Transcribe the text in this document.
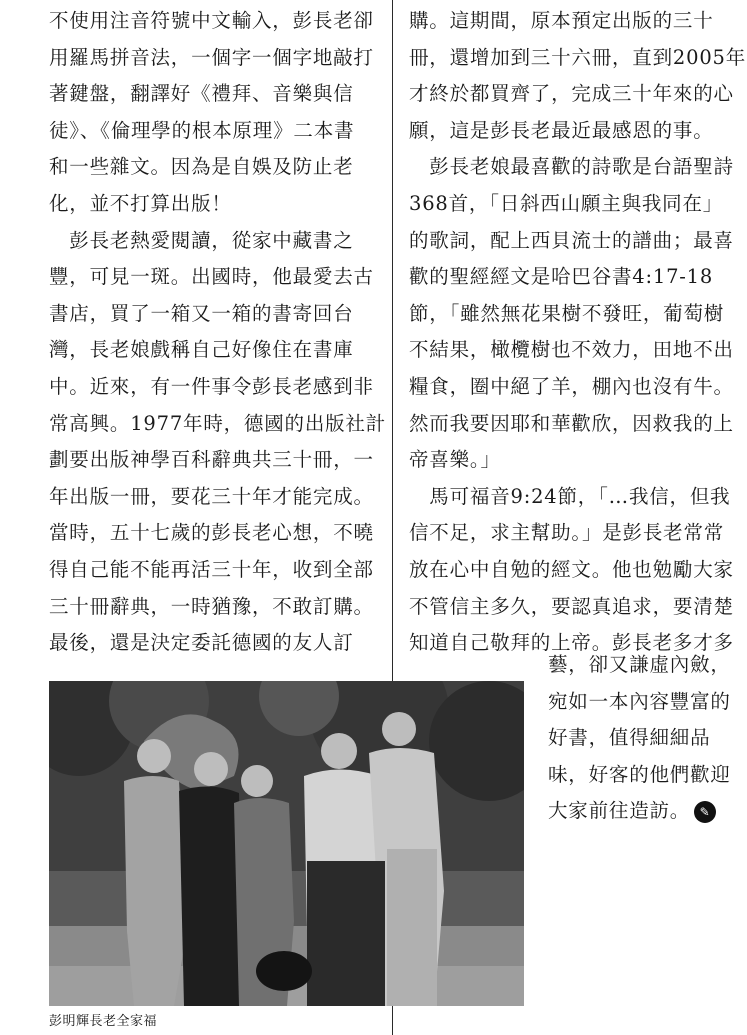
不使用注音符號中文輸入，彭長老卻
用羅馬拼音法，一個字一個字地敲打
著鍵盤，翻譯好《禮拜、音樂與信
徒》、《倫理學的根本原理》二本書
和一些雜文。因為是自娛及防止老
化，並不打算出版！
　彭長老熱愛閱讀，從家中藏書之
豐，可見一斑。出國時，他最愛去古
書店，買了一箱又一箱的書寄回台
灣，長老娘戲稱自己好像住在書庫
中。近來，有一件事令彭長老感到非
常高興。1977年時，德國的出版社計
劃要出版神學百科辭典共三十冊，一
年出版一冊，要花三十年才能完成。
當時，五十七歲的彭長老心想，不曉
得自己能不能再活三十年，收到全部
三十冊辭典，一時猶豫，不敢訂購。
最後，還是決定委託德國的友人訂
購。這期間，原本預定出版的三十
冊，還增加到三十六冊，直到2005年
才終於都買齊了，完成三十年來的心
願，這是彭長老最近最感恩的事。
　彭長老娘最喜歡的詩歌是台語聖詩
368首，「日斜西山願主與我同在」
的歌詞，配上西貝流士的譜曲；最喜
歡的聖經經文是哈巴谷書4:17-18
節，「雖然無花果樹不發旺，葡萄樹
不結果，橄欖樹也不效力，田地不出
糧食，圈中絕了羊，棚內也沒有牛。
然而我要因耶和華歡欣，因救我的上
帝喜樂。」
　馬可福音9:24節，「…我信，但我
信不足，求主幫助。」是彭長老常常
放在心中自勉的經文。他也勉勵大家
不管信主多久，要認真追求，要清楚
知道自己敬拜的上帝。彭長老多才多
藝，卻又謙虛內斂，
宛如一本內容豐富的
好書，值得細細品
味，好客的他們歡迎
大家前往造訪。 ✎
彭明輝長老全家福
